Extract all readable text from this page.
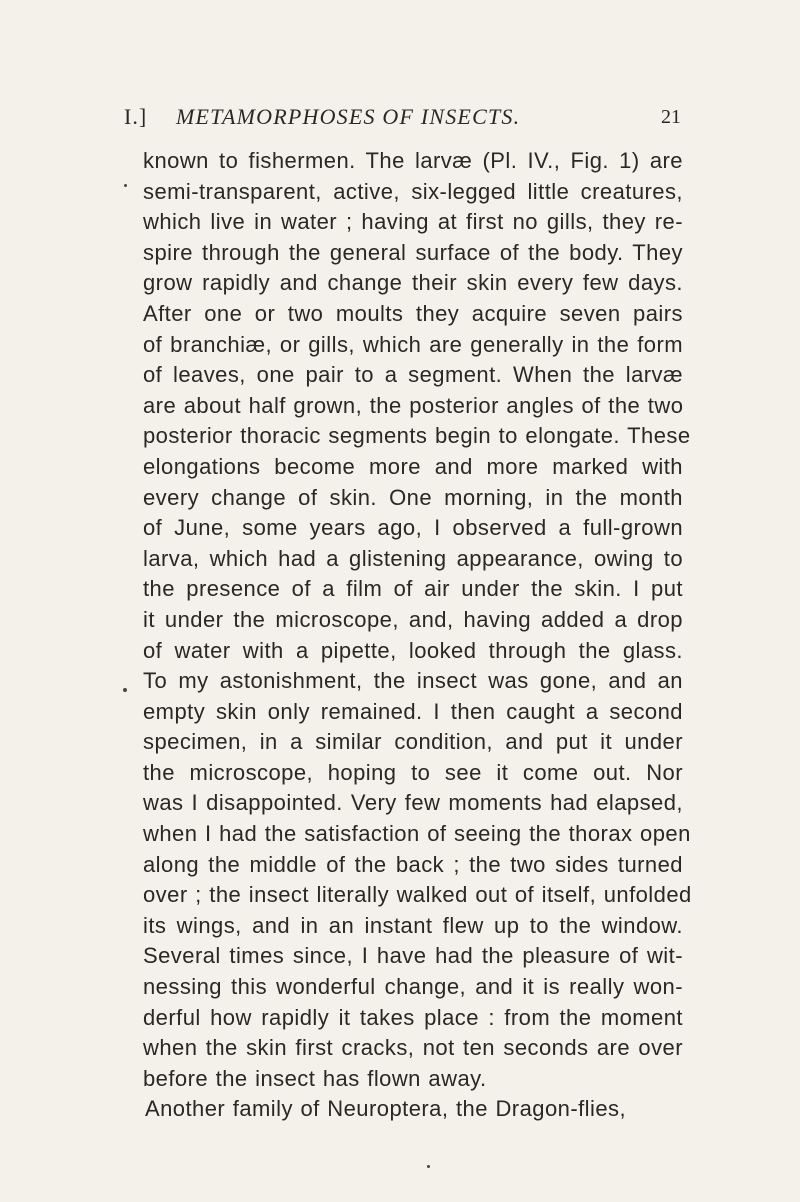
I.] METAMORPHOSES OF INSECTS.	21
known to fishermen. The larvæ (Pl. IV., Fig. 1) are
semi-transparent, active, six-legged little creatures,
which live in water ; having at first no gills, they re-
spire through the general surface of the body. They
grow rapidly and change their skin every few days.
After one or two moults they acquire seven pairs
of branchiæ, or gills, which are generally in the form
of leaves, one pair to a segment. When the larvæ
are about half grown, the posterior angles of the two
posterior thoracic segments begin to elongate. These
elongations become more and more marked with
every change of skin. One morning, in the month
of June, some years ago, I observed a full-grown
larva, which had a glistening appearance, owing to
the presence of a film of air under the skin. I put
it under the microscope, and, having added a drop
of water with a pipette, looked through the glass.
To my astonishment, the insect was gone, and an
empty skin only remained. I then caught a second
specimen, in a similar condition, and put it under
the microscope, hoping to see it come out. Nor
was I disappointed. Very few moments had elapsed,
when I had the satisfaction of seeing the thorax open
along the middle of the back ; the two sides turned
over ; the insect literally walked out of itself, unfolded
its wings, and in an instant flew up to the window.
Several times since, I have had the pleasure of wit-
nessing this wonderful change, and it is really won-
derful how rapidly it takes place : from the moment
when the skin first cracks, not ten seconds are over
before the insect has flown away.
Another family of Neuroptera, the Dragon-flies,
